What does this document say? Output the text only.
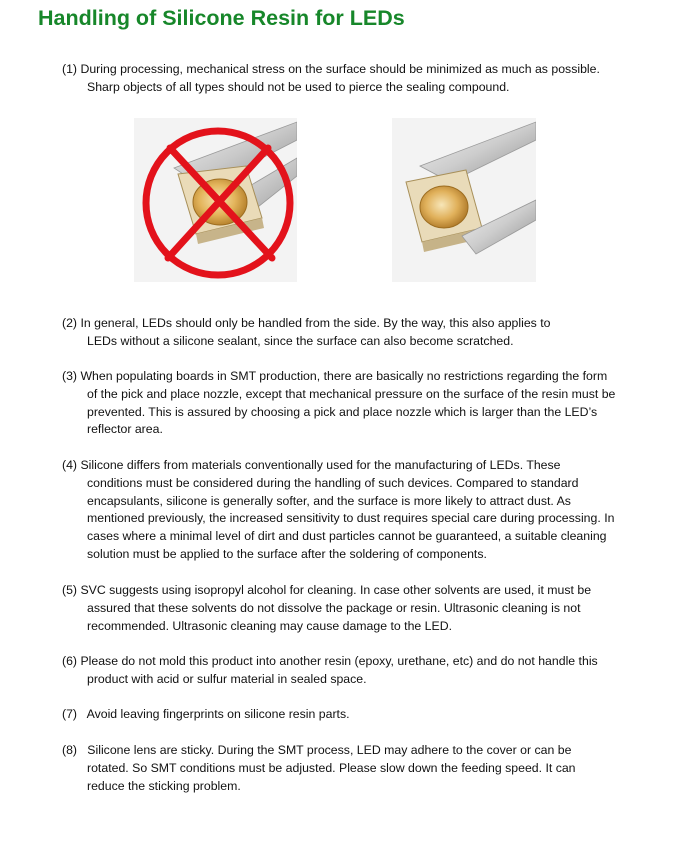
Handling of Silicone Resin for LEDs

(1) During processing, mechanical stress on the surface should be minimized as much as possible.
Sharp objects of all types should not be used to pierce the sealing compound.

(2) In general, LEDs should only be handled from the side. By the way, this also applies to
LEDs without a silicone sealant, since the surface can also become scratched.

(3) When populating boards in SMT production, there are basically no restrictions regarding the form
of the pick and place nozzle, except that mechanical pressure on the surface of the resin must be
prevented. This is assured by choosing a pick and place nozzle which is larger than the LED’s
reflector area.

(4) Silicone differs from materials conventionally used for the manufacturing of LEDs. These
conditions must be considered during the handling of such devices. Compared to standard
encapsulants, silicone is generally softer, and the surface is more likely to attract dust. As
mentioned previously, the increased sensitivity to dust requires special care during processing. In
cases where a minimal level of dirt and dust particles cannot be guaranteed, a suitable cleaning
solution must be applied to the surface after the soldering of components.

(5) SVC suggests using isopropyl alcohol for cleaning. In case other solvents are used, it must be
assured that these solvents do not dissolve the package or resin. Ultrasonic cleaning is not
recommended. Ultrasonic cleaning may cause damage to the LED.

(6) Please do not mold this product into another resin (epoxy, urethane, etc) and do not handle this
product with acid or sulfur material in sealed space.

(7)   Avoid leaving fingerprints on silicone resin parts.

(8)   Silicone lens are sticky. During the SMT process, LED may adhere to the cover or can be
rotated. So SMT conditions must be adjusted. Please slow down the feeding speed. It can
reduce the sticking problem.
